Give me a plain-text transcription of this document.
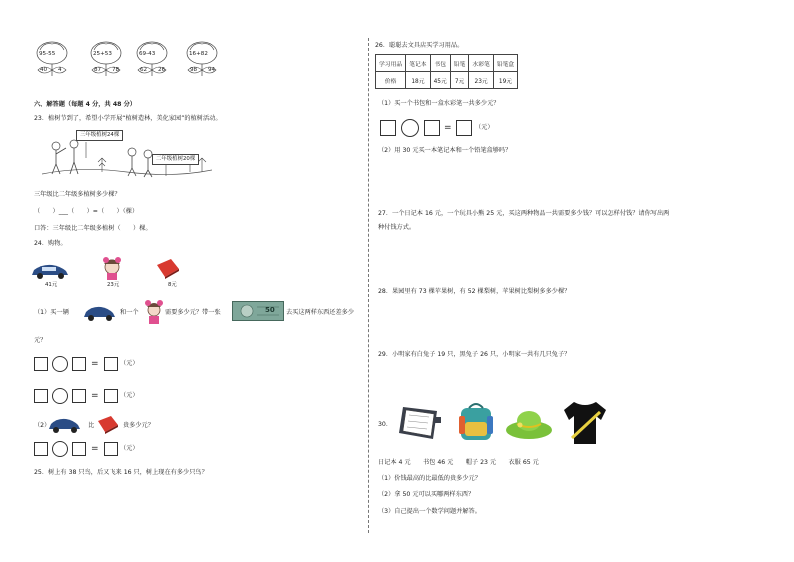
95-55
40 4
25+53
87 78
69-43
62 26
16+82
98 94
六、解答题（每题 4 分，共 48 分）
23．植树节到了，希望小学开展“植树造林，美化家园”的植树活动。
三年级植树24棵
二年级植树20棵
三年级比二年级多植树多少棵？
（　　）___（　　）=（　　）（棵）
口答：三年级比二年级多植树（　　）棵。
24．购物。
41元	23元	8元
（1）买一辆	和一个	需要多少元？带一张	50 去买这两样东西还差多少
元？
=	（元）
=	（元）
（2）	比	贵多少元？
=	（元）
25．树上有 38 只鸟，后又飞来 16 只，树上现在有多少只鸟？
26．聪聪去文具店买学习用品。
学习用品	笔记本	书包	铅笔	水彩笔	铅笔盒
价格	18元	45元	7元	23元	19元
（1）买一个书包和一盒水彩笔一共多少元？
=	（元）
（2）用 30 元买一本笔记本和一个铅笔盒够吗？
27．一个日记本 16 元，一个玩具小熊 25 元，买这两种物品一共需要多少钱？可以怎样付钱？请你写出两
种付钱方式。
28．果园里有 73 棵苹果树，有 52 棵梨树，苹果树比梨树多多少棵？
29．小明家有白兔子 19 只，黑兔子 26 只，小明家一共有几只兔子？
30．
日记本 4 元　　书包 46 元　　帽子 23 元　　衣服 65 元
（1）价钱最高的比最低的贵多少元？
（2）拿 50 元可以买哪两样东西？
（3）自己提出一个数学问题并解答。
